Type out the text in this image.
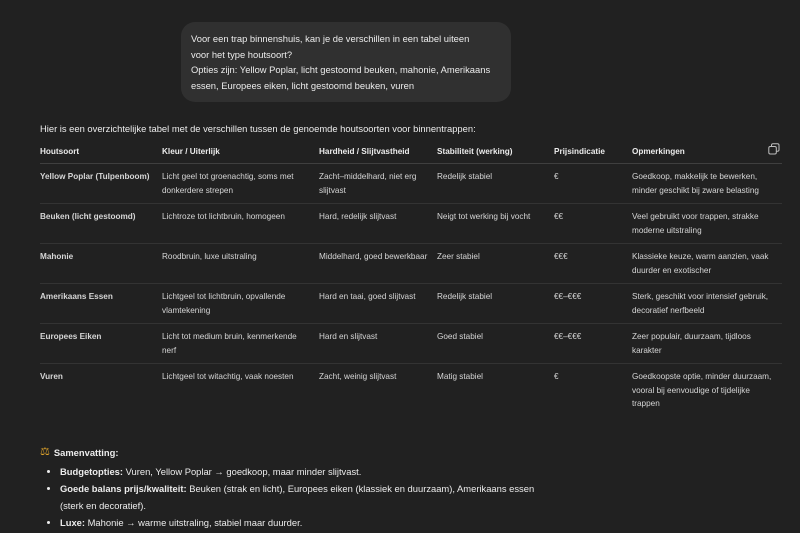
Voor een trap binnenshuis, kan je de verschillen in een tabel uiteen

voor het type houtsoort?

Opties zijn: Yellow Poplar, licht gestoomd beuken, mahonie, Amerikaans

essen, Europees eiken, licht gestoomd beuken, vuren

Hier is een overzichtelijke tabel met de verschillen tussen de genoemde houtsoorten voor binnentrappen:
Houtsoort	Kleur / Uiterlijk	Hardheid / Slijtvastheid	Stabiliteit (werking)	Prijsindicatie	Opmerkingen
Yellow Poplar (Tulpenboom)	Licht geel tot groenachtig, soms met donkerdere strepen	Zacht–middelhard, niet erg slijtvast	Redelijk stabiel	€	Goedkoop, makkelijk te bewerken, minder geschikt bij zware belasting
Beuken (licht gestoomd)	Lichtroze tot lichtbruin, homogeen	Hard, redelijk slijtvast	Neigt tot werking bij vocht	€€	Veel gebruikt voor trappen, strakke moderne uitstraling
Mahonie	Roodbruin, luxe uitstraling	Middelhard, goed bewerkbaar	Zeer stabiel	€€€	Klassieke keuze, warm aanzien, vaak duurder en exotischer
Amerikaans Essen	Lichtgeel tot lichtbruin, opvallende vlamtekening	Hard en taai, goed slijtvast	Redelijk stabiel	€€–€€€	Sterk, geschikt voor intensief gebruik, decoratief nerfbeeld
Europees Eiken	Licht tot medium bruin, kenmerkende nerf	Hard en slijtvast	Goed stabiel	€€–€€€	Zeer populair, duurzaam, tijdloos karakter
Vuren	Lichtgeel tot witachtig, vaak noesten	Zacht, weinig slijtvast	Matig stabiel	€	Goedkoopste optie, minder duurzaam, vooral bij eenvoudige of tijdelijke trappen
⚖ Samenvatting:
• Budgetopties: Vuren, Yellow Poplar → goedkoop, maar minder slijtvast.
• Goede balans prijs/kwaliteit: Beuken (strak en licht), Europees eiken (klassiek en duurzaam), Amerikaans essen (sterk en decoratief).
• Luxe: Mahonie → warme uitstraling, stabiel maar duurder.
